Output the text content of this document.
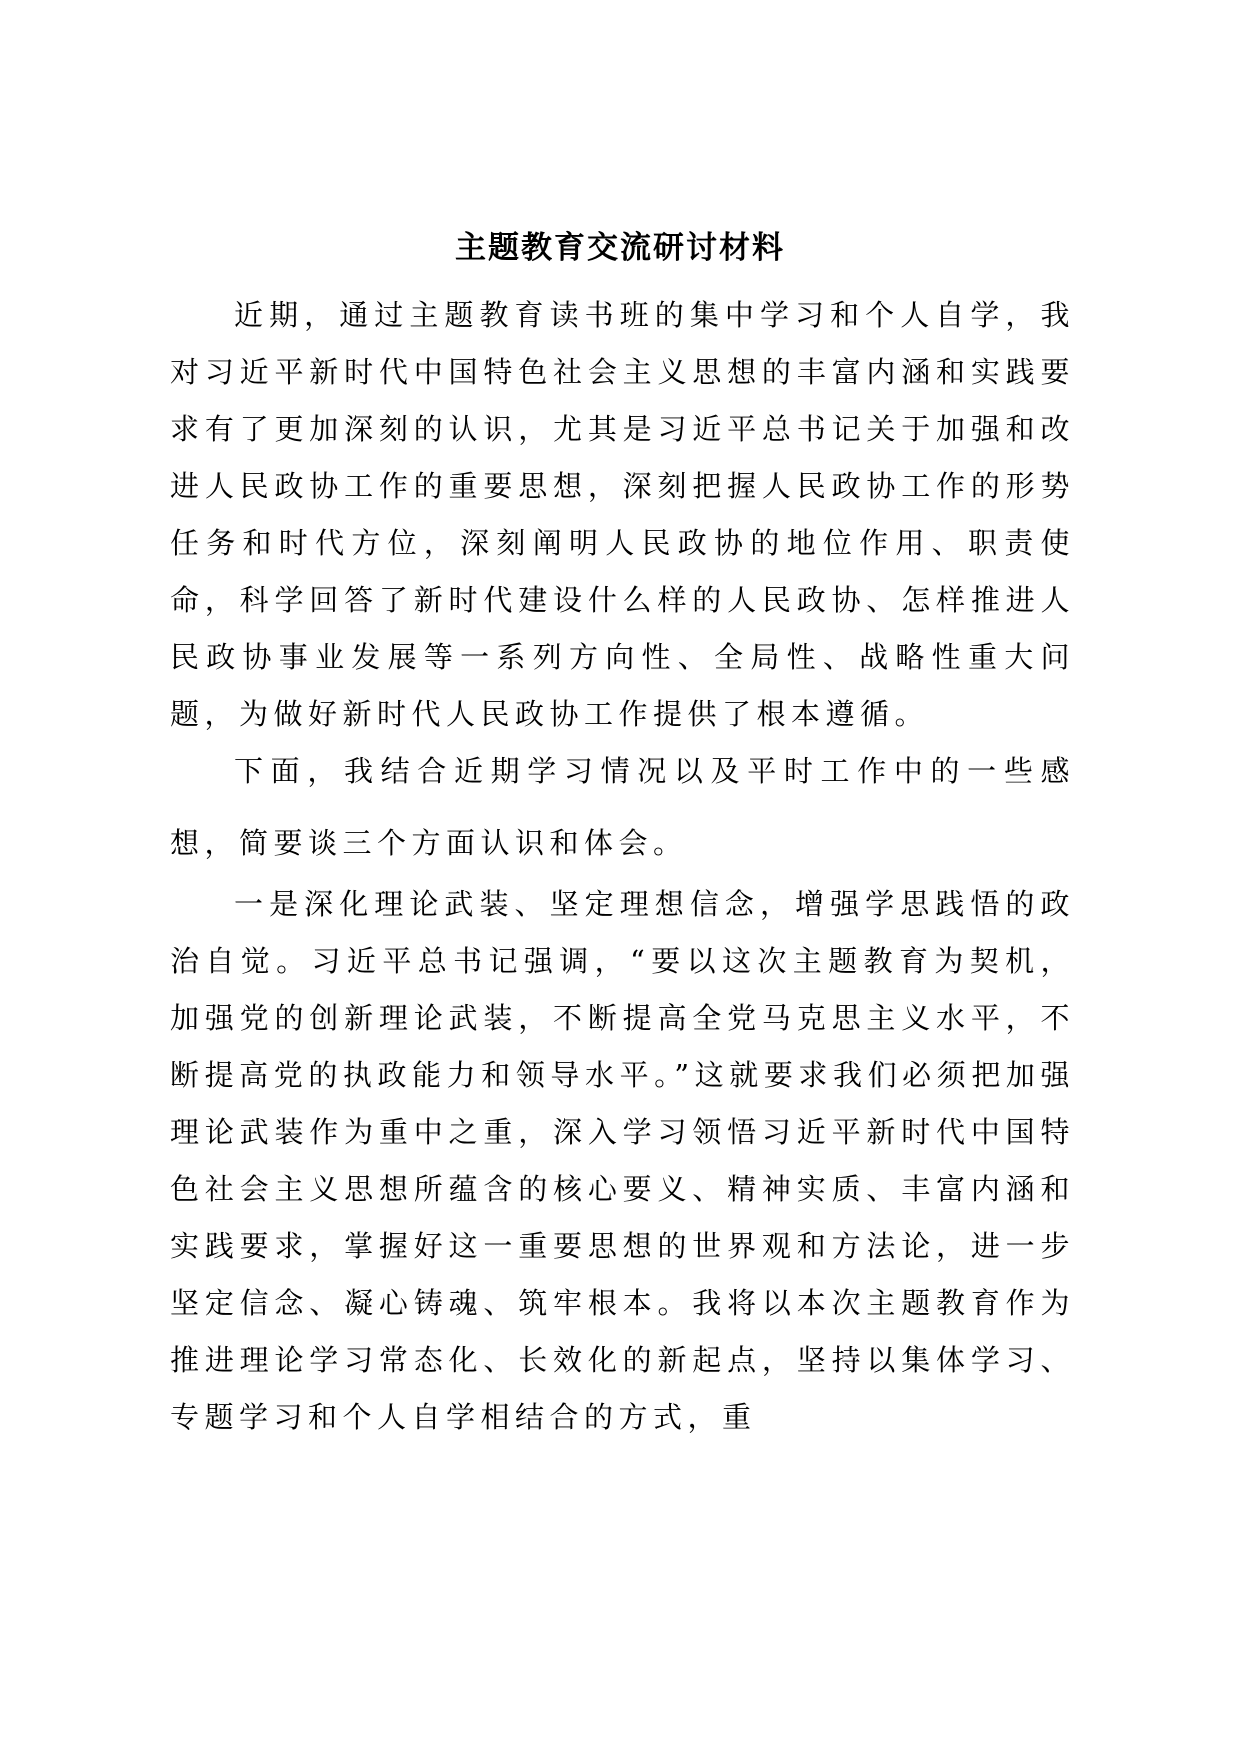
主题教育交流研讨材料

近期，通过主题教育读书班的集中学习和个人自学，我对习近平新时代中国特色社会主义思想的丰富内涵和实践要求有了更加深刻的认识，尤其是习近平总书记关于加强和改进人民政协工作的重要思想，深刻把握人民政协工作的形势任务和时代方位，深刻阐明人民政协的地位作用、职责使命，科学回答了新时代建设什么样的人民政协、怎样推进人民政协事业发展等一系列方向性、全局性、战略性重大问题，为做好新时代人民政协工作提供了根本遵循。

下面，我结合近期学习情况以及平时工作中的一些感想，简要谈三个方面认识和体会。

一是深化理论武装、坚定理想信念，增强学思践悟的政治自觉。习近平总书记强调，“要以这次主题教育为契机，加强党的创新理论武装，不断提高全党马克思主义水平，不断提高党的执政能力和领导水平。”这就要求我们必须把加强理论武装作为重中之重，深入学习领悟习近平新时代中国特色社会主义思想所蕴含的核心要义、精神实质、丰富内涵和实践要求，掌握好这一重要思想的世界观和方法论，进一步坚定信念、凝心铸魂、筑牢根本。我将以本次主题教育作为推进理论学习常态化、长效化的新起点，坚持以集体学习、专题学习和个人自学相结合的方式，重
